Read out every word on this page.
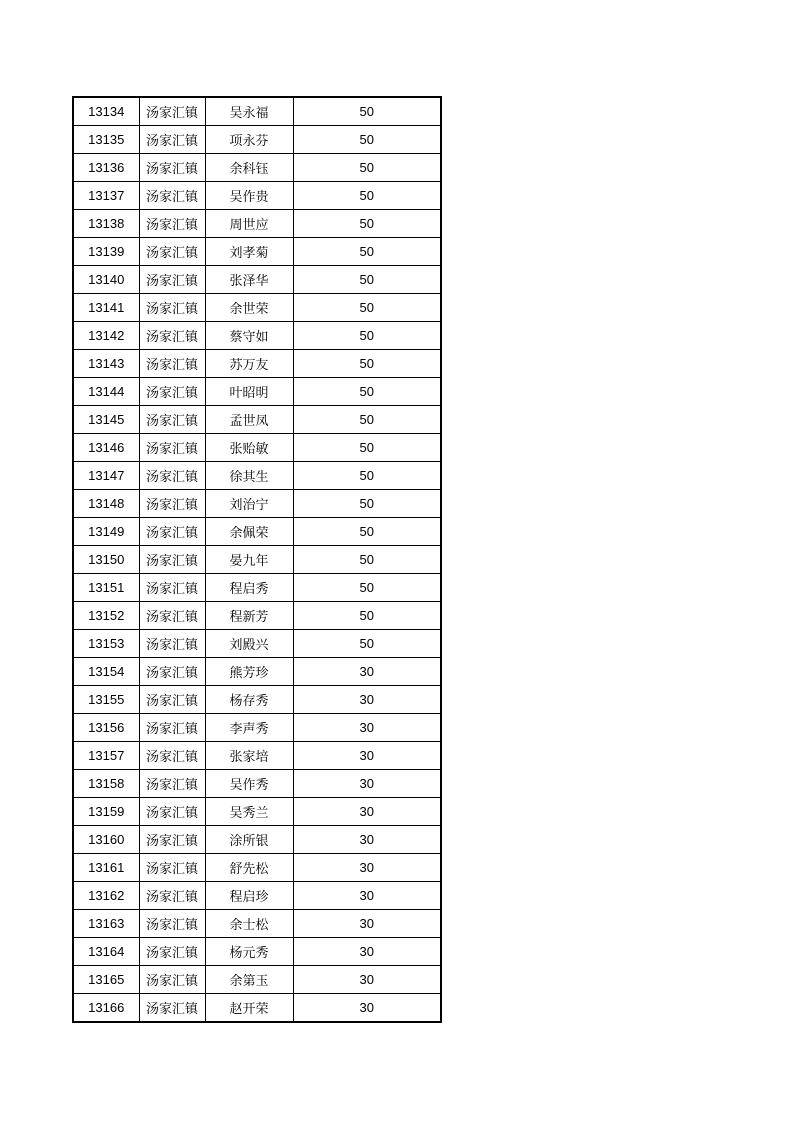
13134	汤家汇镇	吴永福	50
13135	汤家汇镇	项永芬	50
13136	汤家汇镇	余科钰	50
13137	汤家汇镇	吴作贵	50
13138	汤家汇镇	周世应	50
13139	汤家汇镇	刘孝菊	50
13140	汤家汇镇	张泽华	50
13141	汤家汇镇	余世荣	50
13142	汤家汇镇	蔡守如	50
13143	汤家汇镇	苏万友	50
13144	汤家汇镇	叶昭明	50
13145	汤家汇镇	孟世凤	50
13146	汤家汇镇	张贻敏	50
13147	汤家汇镇	徐其生	50
13148	汤家汇镇	刘治宁	50
13149	汤家汇镇	余佩荣	50
13150	汤家汇镇	晏九年	50
13151	汤家汇镇	程启秀	50
13152	汤家汇镇	程新芳	50
13153	汤家汇镇	刘殿兴	50
13154	汤家汇镇	熊芳珍	30
13155	汤家汇镇	杨存秀	30
13156	汤家汇镇	李声秀	30
13157	汤家汇镇	张家培	30
13158	汤家汇镇	吴作秀	30
13159	汤家汇镇	吴秀兰	30
13160	汤家汇镇	涂所银	30
13161	汤家汇镇	舒先松	30
13162	汤家汇镇	程启珍	30
13163	汤家汇镇	余士松	30
13164	汤家汇镇	杨元秀	30
13165	汤家汇镇	余第玉	30
13166	汤家汇镇	赵开荣	30
